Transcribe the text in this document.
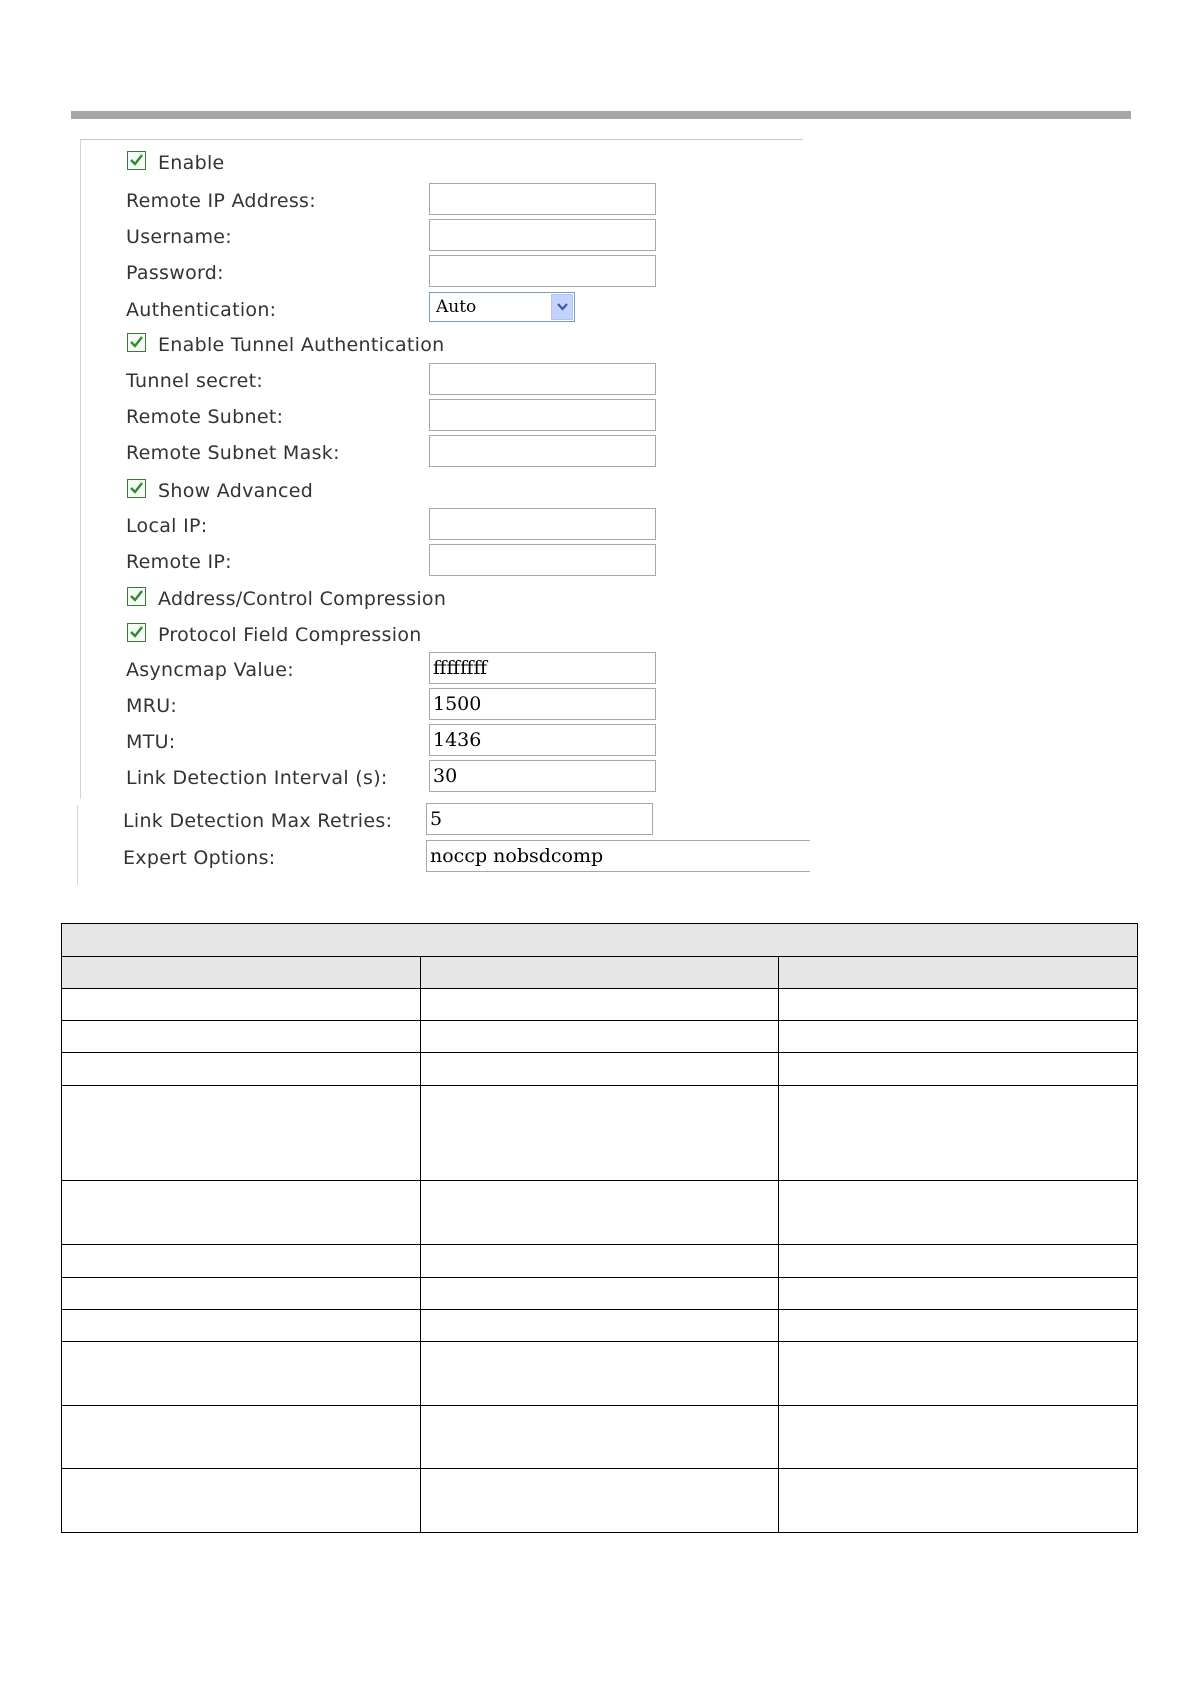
Enable
Remote IP Address:
Username:
Password:
Authentication:	Auto
Enable Tunnel Authentication
Tunnel secret:
Remote Subnet:
Remote Subnet Mask:
Show Advanced
Local IP:
Remote IP:
Address/Control Compression
Protocol Field Compression
Asyncmap Value:
ffffffff
MRU:
1500
MTU:
1436
Link Detection Interval (s):
30
Link Detection Max Retries:
5
Expert Options:
noccp nobsdcomp
